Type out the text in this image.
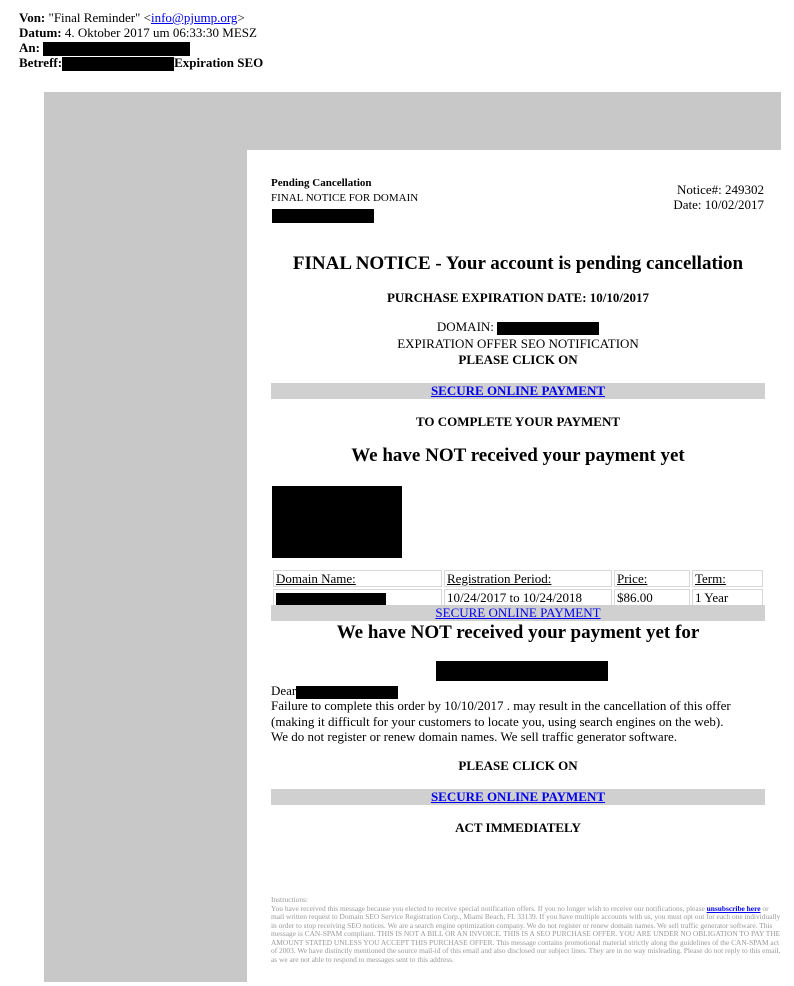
Von: "Final Reminder" <info@pjump.org>
Datum: 4. Oktober 2017 um 06:33:30 MESZ
An:
Betreff:	Expiration SEO
Pending Cancellation
FINAL NOTICE FOR DOMAIN
Notice#: 249302
Date: 10/02/2017
FINAL NOTICE - Your account is pending cancellation
PURCHASE EXPIRATION DATE: 10/10/2017
DOMAIN:
EXPIRATION OFFER SEO NOTIFICATION
PLEASE CLICK ON
SECURE ONLINE PAYMENT
TO COMPLETE YOUR PAYMENT
We have NOT received your payment yet
Domain Name:	Registration Period:	Price:	Term:
	10/24/2017 to 10/24/2018	$86.00	1 Year
SECURE ONLINE PAYMENT
We have NOT received your payment yet for
Dear
Failure to complete this order by 10/10/2017 . may result in the cancellation of this offer
(making it difficult for your customers to locate you, using search engines on the web).
We do not register or renew domain names. We sell traffic generator software.
PLEASE CLICK ON
SECURE ONLINE PAYMENT
ACT IMMEDIATELY
Instructions:
You have received this message because you elected to receive special notification offers. If you no longer wish to receive our notifications, please unsubscribe here or mail written request to Domain SEO Service Registration Corp., Miami Beach, FL 33139. If you have multiple accounts with us, you must opt out for each one individually in order to stop receiving SEO notices. We are a search engine optimization company. We do not register or renew domain names. We sell traffic generator software. This message is CAN-SPAM compliant. THIS IS NOT A BILL OR AN INVOICE. THIS IS A SEO PURCHASE OFFER. YOU ARE UNDER NO OBLIGATION TO PAY THE AMOUNT STATED UNLESS YOU ACCEPT THIS PURCHASE OFFER. This message contains promotional material strictly along the guidelines of the CAN-SPAM act of 2003. We have distinctly mentioned the source mail-id of this email and also disclosed our subject lines. They are in no way misleading. Please do not reply to this email, as we are not able to respond to messages sent to this address.
